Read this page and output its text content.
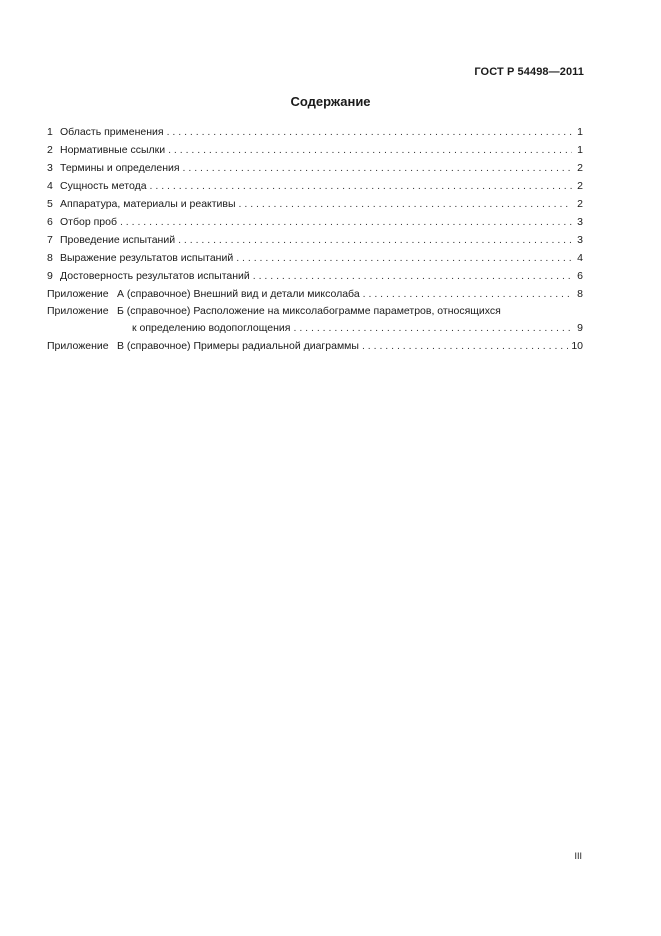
ГОСТ Р 54498—2011
Содержание
1 Область применения . . .	1
2 Нормативные ссылки . . .	1
3 Термины и определения . . .	2
4 Сущность метода . . .	2
5 Аппаратура, материалы и реактивы . . .	2
6 Отбор проб . . .	3
7 Проведение испытаний . . .	3
8 Выражение результатов испытаний . . .	4
9 Достоверность результатов испытаний . . .	6
Приложение А (справочное) Внешний вид и детали миксолаба . . .	8
Приложение Б (справочное) Расположение на миксолабограмме параметров, относящихся
к определению водопоглощения . . .	9
Приложение В (справочное) Примеры радиальной диаграммы . . .	10
III
